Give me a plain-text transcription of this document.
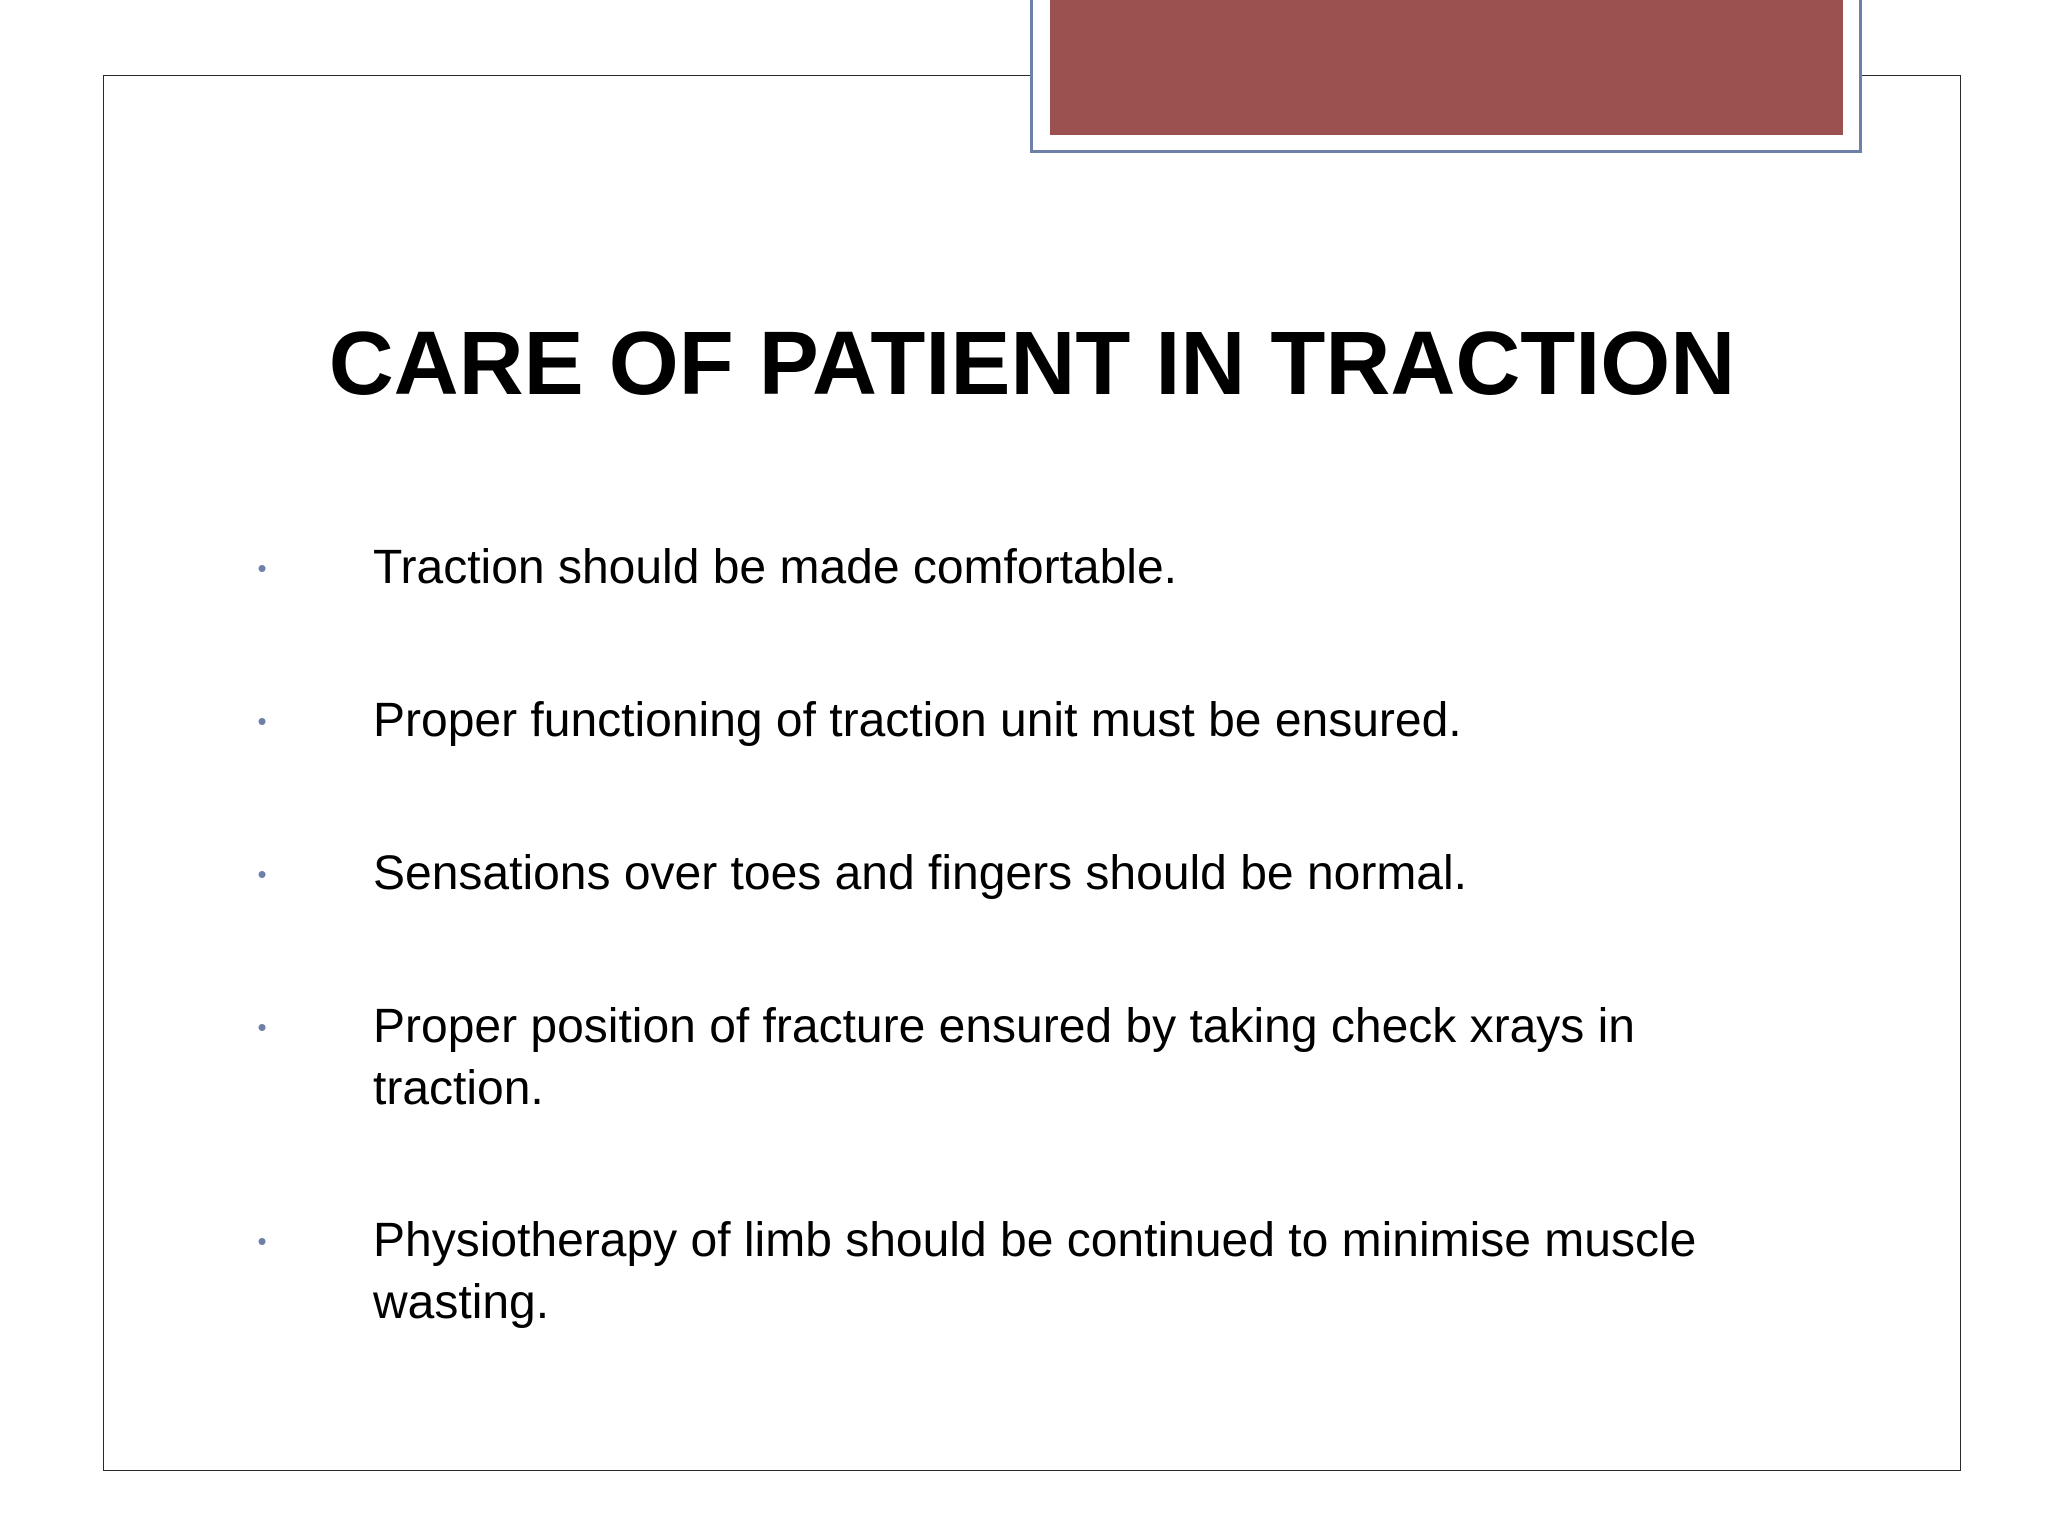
CARE OF PATIENT IN TRACTION
• Traction should be made comfortable.
• Proper functioning of traction unit must be ensured.
• Sensations over toes and fingers should be normal.
• Proper position of fracture ensured by taking check xrays in traction.
• Physiotherapy of limb should be continued to minimise muscle wasting.
